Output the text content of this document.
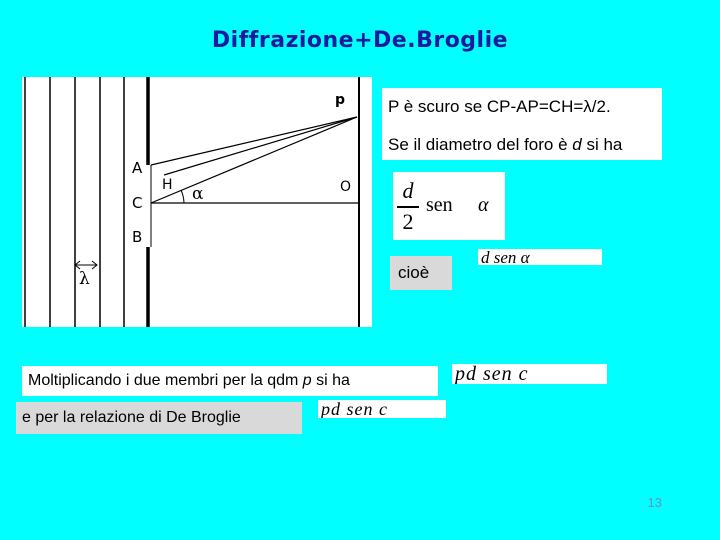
Diffrazione+De.Broglie
p
A
C
B
H α	O
λ
P è scuro se CP-AP=CH=λ/2.
Se il diametro del foro è d si ha
d
2
sen α
cioè
d sen α
Moltiplicando i due membri per la qdm p si ha	pd sen c
e per la relazione di De Broglie	pd sen c
13
